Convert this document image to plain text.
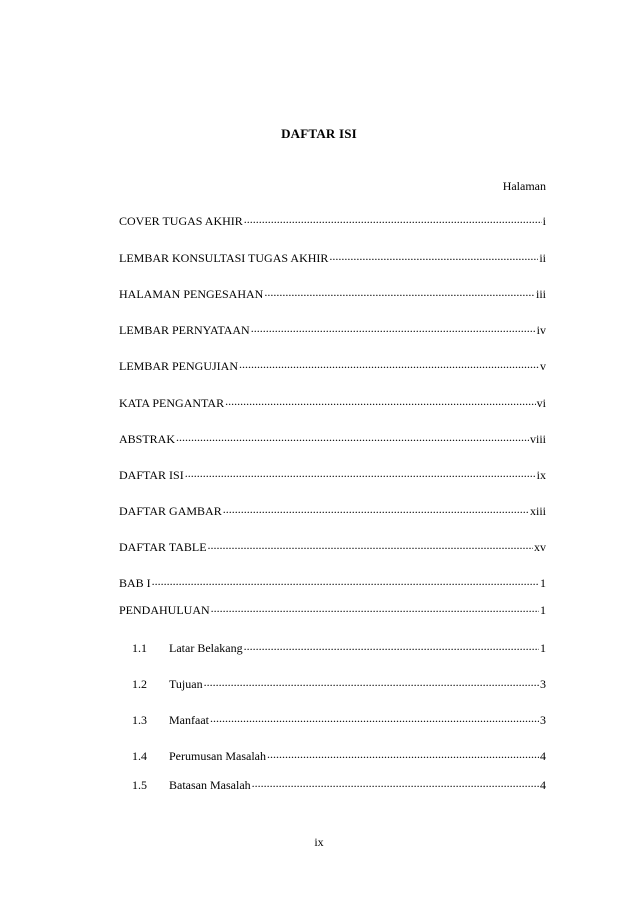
DAFTAR ISI
Halaman
COVER TUGAS AKHIR .....	i
LEMBAR KONSULTASI TUGAS AKHIR .....	ii
HALAMAN PENGESAHAN .....	iii
LEMBAR PERNYATAAN .....	iv
LEMBAR PENGUJIAN .....	v
KATA PENGANTAR .....	vi
ABSTRAK .....	viii
DAFTAR ISI .....	ix
DAFTAR GAMBAR .....	xiii
DAFTAR TABLE .....	xv
BAB I .....	1
PENDAHULUAN .....	1
1.1	Latar Belakang .....	1
1.2	Tujuan .....	3
1.3	Manfaat .....	3
1.4	Perumusan Masalah .....	4
1.5	Batasan Masalah .....	4
ix
